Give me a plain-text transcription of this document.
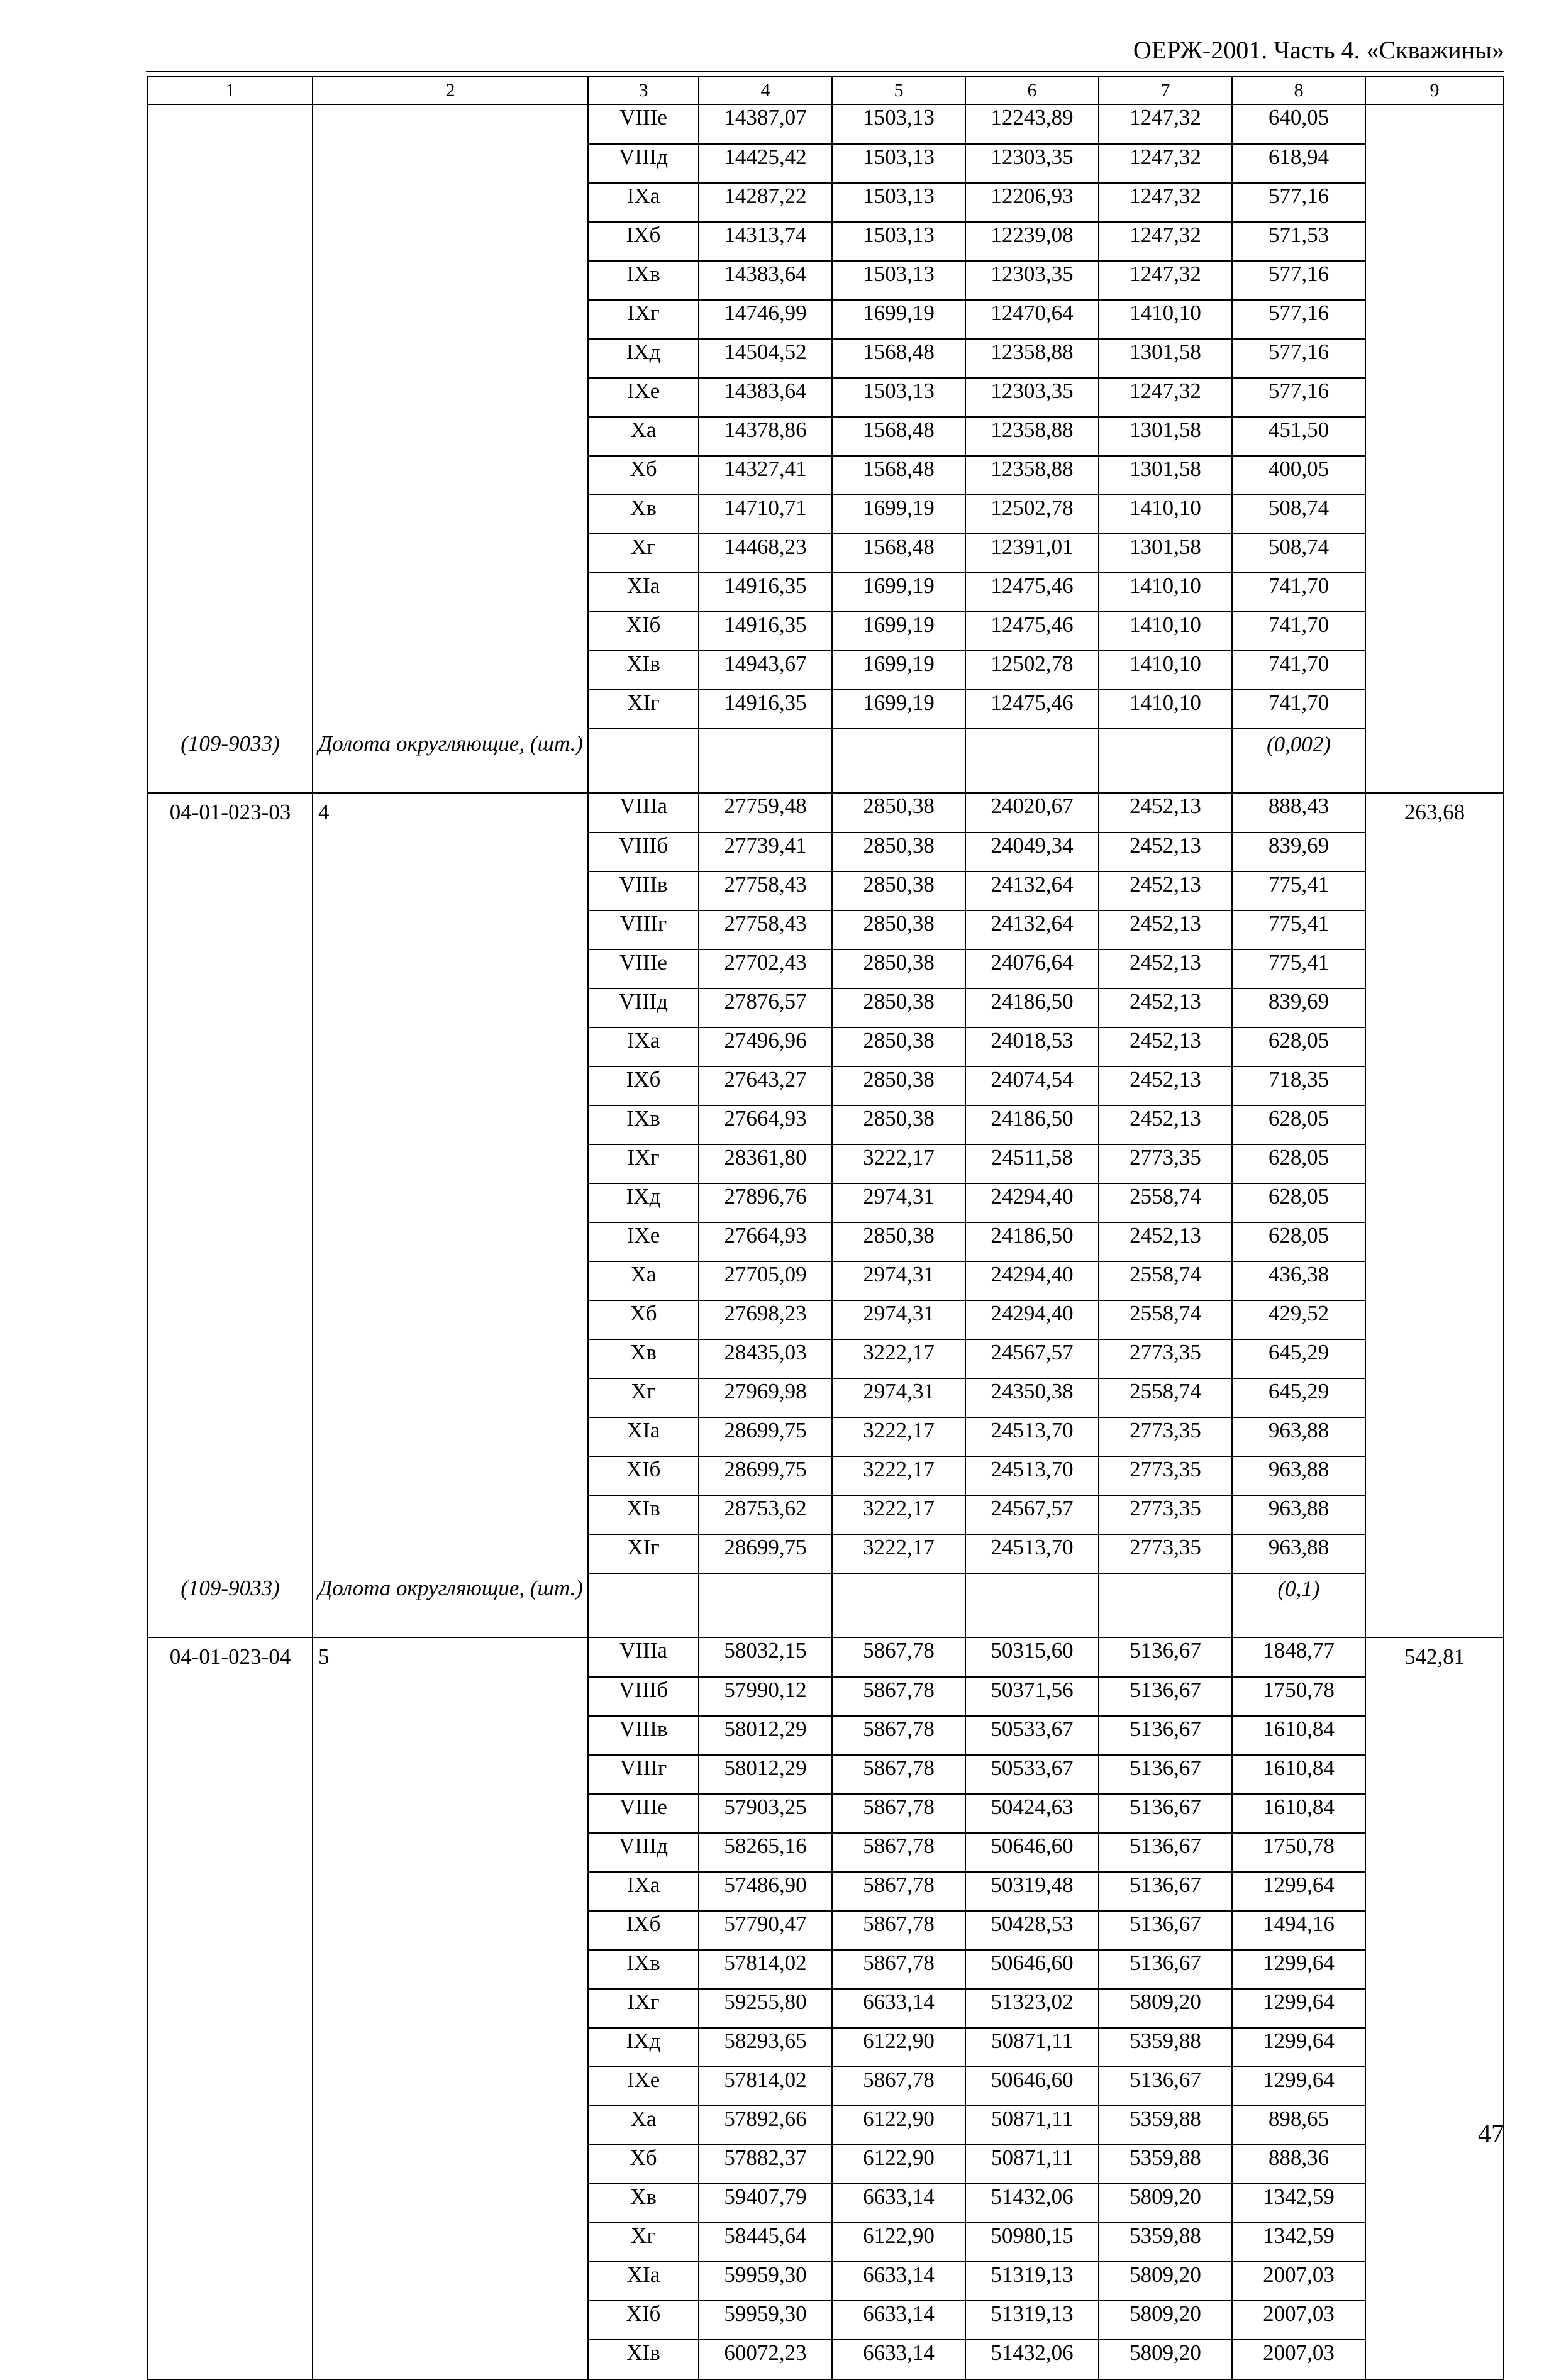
ОЕРЖ-2001. Часть 4. «Скважины»
1	2	3	4	5	6	7	8	9
		VIIIе	14387,07	1503,13	12243,89	1247,32	640,05	
		VIIIд	14425,42	1503,13	12303,35	1247,32	618,94	
		IXа	14287,22	1503,13	12206,93	1247,32	577,16	
		IXб	14313,74	1503,13	12239,08	1247,32	571,53	
		IXв	14383,64	1503,13	12303,35	1247,32	577,16	
		IXг	14746,99	1699,19	12470,64	1410,10	577,16	
		IXд	14504,52	1568,48	12358,88	1301,58	577,16	
		IXе	14383,64	1503,13	12303,35	1247,32	577,16	
		Xа	14378,86	1568,48	12358,88	1301,58	451,50	
		Xб	14327,41	1568,48	12358,88	1301,58	400,05	
		Xв	14710,71	1699,19	12502,78	1410,10	508,74	
		Xг	14468,23	1568,48	12391,01	1301,58	508,74	
		XIа	14916,35	1699,19	12475,46	1410,10	741,70	
		XIб	14916,35	1699,19	12475,46	1410,10	741,70	
		XIв	14943,67	1699,19	12502,78	1410,10	741,70	
		XIг	14916,35	1699,19	12475,46	1410,10	741,70	
(109-9033)	Долота округляющие, (шт.)						(0,002)	
04-01-023-03	4	VIIIа	27759,48	2850,38	24020,67	2452,13	888,43	263,68
		VIIIб	27739,41	2850,38	24049,34	2452,13	839,69	
		VIIIв	27758,43	2850,38	24132,64	2452,13	775,41	
		VIIIг	27758,43	2850,38	24132,64	2452,13	775,41	
		VIIIе	27702,43	2850,38	24076,64	2452,13	775,41	
		VIIIд	27876,57	2850,38	24186,50	2452,13	839,69	
		IXа	27496,96	2850,38	24018,53	2452,13	628,05	
		IXб	27643,27	2850,38	24074,54	2452,13	718,35	
		IXв	27664,93	2850,38	24186,50	2452,13	628,05	
		IXг	28361,80	3222,17	24511,58	2773,35	628,05	
		IXд	27896,76	2974,31	24294,40	2558,74	628,05	
		IXе	27664,93	2850,38	24186,50	2452,13	628,05	
		Xа	27705,09	2974,31	24294,40	2558,74	436,38	
		Xб	27698,23	2974,31	24294,40	2558,74	429,52	
		Xв	28435,03	3222,17	24567,57	2773,35	645,29	
		Xг	27969,98	2974,31	24350,38	2558,74	645,29	
		XIа	28699,75	3222,17	24513,70	2773,35	963,88	
		XIб	28699,75	3222,17	24513,70	2773,35	963,88	
		XIв	28753,62	3222,17	24567,57	2773,35	963,88	
		XIг	28699,75	3222,17	24513,70	2773,35	963,88	
(109-9033)	Долота округляющие, (шт.)						(0,1)	
04-01-023-04	5	VIIIа	58032,15	5867,78	50315,60	5136,67	1848,77	542,81
		VIIIб	57990,12	5867,78	50371,56	5136,67	1750,78	
		VIIIв	58012,29	5867,78	50533,67	5136,67	1610,84	
		VIIIг	58012,29	5867,78	50533,67	5136,67	1610,84	
		VIIIе	57903,25	5867,78	50424,63	5136,67	1610,84	
		VIIIд	58265,16	5867,78	50646,60	5136,67	1750,78	
		IXа	57486,90	5867,78	50319,48	5136,67	1299,64	
		IXб	57790,47	5867,78	50428,53	5136,67	1494,16	
		IXв	57814,02	5867,78	50646,60	5136,67	1299,64	
		IXг	59255,80	6633,14	51323,02	5809,20	1299,64	
		IXд	58293,65	6122,90	50871,11	5359,88	1299,64	
		IXе	57814,02	5867,78	50646,60	5136,67	1299,64	
		Xа	57892,66	6122,90	50871,11	5359,88	898,65	
		Xб	57882,37	6122,90	50871,11	5359,88	888,36	
		Xв	59407,79	6633,14	51432,06	5809,20	1342,59	
		Xг	58445,64	6122,90	50980,15	5359,88	1342,59	
		XIа	59959,30	6633,14	51319,13	5809,20	2007,03	
		XIб	59959,30	6633,14	51319,13	5809,20	2007,03	
		XIв	60072,23	6633,14	51432,06	5809,20	2007,03	
47
